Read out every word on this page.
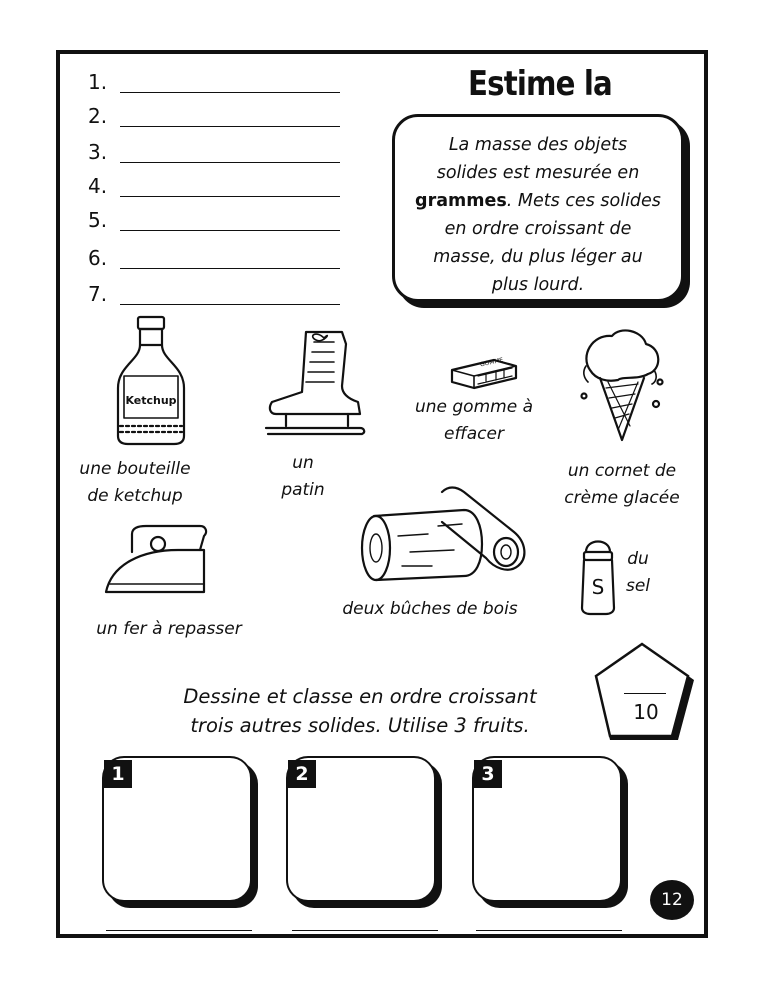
1.
2.
3.
4.
5.
6.
7.
Estime la
La masse des objets
solides est mesurée en
grammes. Mets ces solides
en ordre croissant de
masse, du plus léger au
plus lourd.
Ketchup
une bouteille
de ketchup
un
patin
GOMME
une gomme à
effacer
un cornet de
crème glacée
un fer à repasser
deux bûches de bois
S
du
sel
10
Dessine et classe en ordre croissant
trois autres solides. Utilise 3 fruits.
1	2	3
12
